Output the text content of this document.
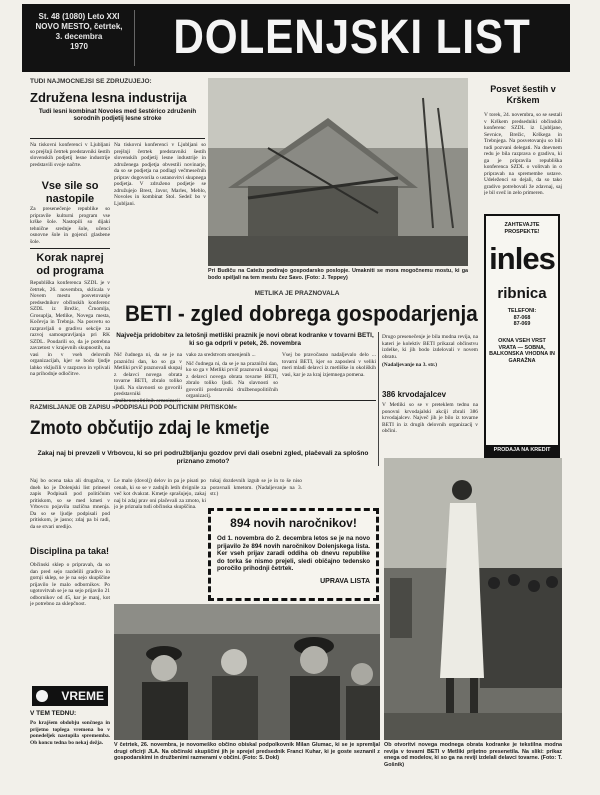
St. 48 (1080) Leto XXI
NOVO MESTO, četrtek,
3. decembra
1970	DOLENJSKI LIST
TUDI NAJMOČNEJŠI SE ZDRUŽUJEJO:
Združena lesna industrija
Tudi lesni kombinat Novoles med šestérico združenih sorodnih podjetij lesne stroke

Na tiskovni konferenci v Ljubljani so prejšnji četrtek predstavniki šestih slovenskih podjetij lesne industrije predstavili svoje načrte.

Vse sile so nastopile

Za presenečenje republike so pripravile kulturni program vse krške šole. Nastopili so dijaki tehnične srednje šole, učenci osnovne šole in gojenci glasbene šole.

Korak naprej od programa

Republiška konferenca SZDL je v četrtek, 26. novembra, sklicala v Novem mestu posvetovanje predsednikov občinskih konferenc SZDL iz Brežic, Črnomlja, Grosuplja, Metlike, Novega mesta, Kočevja in Trebnja. Na posvetu so razpravljali o gradivu sekcije za razvoj samoupravljanja pri RK SZDL. Poudarili so, da je potrebna zavzetost v krajevnih skupnostih, na vasi in v vseh delovnih organizacijah, kjer se bodo ljudje lahko vključili v razpravo in vplivali na prihodnje odločitve.

Na tiskovni konferenci v Ljubljani so prejšnji četrtek predstavniki šestih slovenskih podjetij lesne industrije in združenega podjetja obvestili novinarje, da so se podjetja na podlagi večmesečnih priprav dogovorila o ustanovitvi skupnega podjetja. V združeno podjetje se združujejo Brest, Javor, Marles, Meblo, Novoles in kombinat Stol. Sedež bo v Ljubljani.

Pri Budiču na Čatežu podirajo gospodarsko poslopje. Umakniti se mora mogočnemu mostu, ki ga bodo spéljali na tem mestu čez Savo. (Foto: J. Teppey)
Posvet šestih v Krškem

V torek, 24. novembra, so se sestali v Krškem predsedniki občinskih konferenc SZDL iz Ljubljane, Sevnice, Brežic, Krškega in Trebnjega. Na posvetovanju so bili tudi pozvani delegati. Na dnevnem redu je bila razprava o gradivu, ki ga je pripravila republiška konferenca SZDL o volitvah in o pripravah na spremembe ustave. Udeleženci so dejali, da so tako gradivo potrebovali že zdavnaj, saj je bil svež in zelo primeren.

ZAHTEVAJTE PROSPEKTE!
inles
ribnica
TELEFONI:
87-068
87-069
OKNA VSEH VRST VRATA — SOBNA, BALKONSKA VHODNA IN GARAŽNA
PRODAJA NA KREDIT
METLIKA JE PRAZNOVALA
BETI - zgled dobrega gospodarjenja
Največja pridobitev za letošnji metliški praznik je novi obrat kodranke v tovarni BETI, ki so ga odprli v petek, 26. novembra

Nič čudnega ni, da se je na praznični dan, ko so ga v Metliki prvič praznovali skupaj z delavci novega obrata tovarne BETI, zbralo toliko ljudi. Na slavnosti so govorili predstavniki

vako za sredstvom omenjenih ...

Nič čudnega ni, da se je na praznični dan, ko so ga v Metliki prvič praznovali skupaj z delavci novega obrata tovarne BETI, zbralo toliko ljudi. Na slavnosti so govorili predstavniki družbenopolitičnih organizacij.

Vsej bo pravočasno nadaljevalo delo ... tovarni BETI, kjer so zaposleni v veliki meri mladi delavci iz metliške in okoliških vasi, kar je za kraj izjemnega pomena.

Drugo presenečenje je bila modna revija, na kateri je kolektiv BETI prikazal občinstvu izdelke, ki jih bodo izdelovali v novem obratu.

(Nadaljevanje na 3. str.)

386 krvodajalcev

V Metliki so se v preteklem tednu na ponovni krvodajalski akciji zbrali 386 krvodajalcev. Največ jih je bilo iz tovarne BETI in iz drugih delovnih organizacij v občini.

RAZMIŠLJANJE OB ZAPISU »PODPISALI POD POLITIČNIM PRITISKOM«
Zmoto občutijo zdaj le kmetje
Zakaj naj bi prevzeli v Vrbovcu, ki so pri podružbljanju gozdov prvi dali osebni zgled, plačevali za splošno priznano zmoto?

Naj bo ocena taka ali drugačna, v dneh ko je Dolenjski list prinesel zapis Podpisali pod političnim pritiskom, so se med kmeti v Vrbovcu pojavila različna mnenja. Da so se ljudje podpisali pod pritiskom, je jasno; zdaj pa bi radi, da se stvari uredijo.

Disciplina pa taka!

Občinski sklep o pripravah, da so dan pred sejo razdelili gradivo in gornji sklep, se je na sejo skupščine prijavilo le malo odbornikov. Po ugotovitvah se je na sejo prijavilo 21 odbornikov od 45, kar je manj, kot je potrebno za sklepčnost.

Le malo (dovolj) delov in pa je pisati po cenah, ki so se v zadnjih letih dvignile za več kot dvakrat. Kmetje sprašujejo, zakaj naj bi zdaj prav oni plačevali za zmoto, ki jo je priznala tudi občinska skupščina.

tukaj dozdevnih izgub se je in to še niso poravnali kmetom. (Nadaljevanje na 3. str.)

894 novih naročnikov!
Od 1. novembra do 2. decembra letos se je na novo prijavilo že 894 novih naročnikov Dolenjskega lista. Ker vseh prijav zaradi oddiha ob dnevu republike do torka še nismo prejeli, sledi običajno tedensko poročilo prihodnji četrtek.
UPRAVA LISTA
Ob otvoritvi novega modnega obrata kodranke je tekstilna modna revija v tovarni BETI v Metliki prijetno presenetila. Na sliki: prikaz enega od modelov, ki so ga na reviji izdelali delavci tovarne. (Foto: T. Gošnik)
V četrtek, 26. novembra, je novomeško občino obiskal podpolkovnik Milan Glumac, ki se je spremljal drugi oficirji JLA. Na občinski skupščini jih je sprejel predsednik Franci Kuhar, ki je goste seznanil z gospodarskimi in družbenimi razmerami v občini. (Foto: S. Dokl)
VREME
V TEM TEDNU:

Po krajšem obdobju sončnega in prijetno toplega vremena bo v ponedeljek nastopila sprememba. Ob koncu tedna bo nekaj dežja.
